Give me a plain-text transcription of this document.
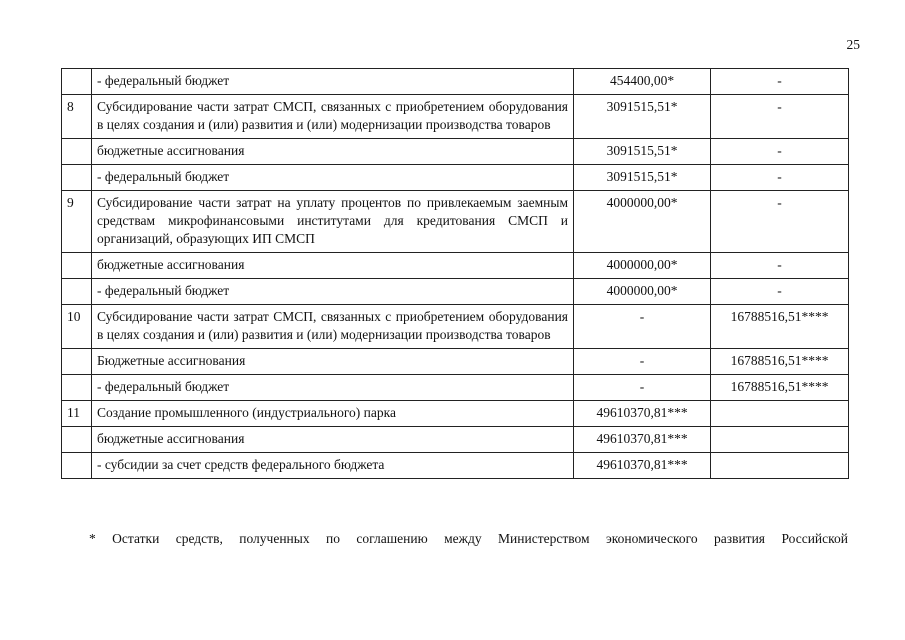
25
	- федеральный бюджет	454400,00*	-
8	Субсидирование части затрат СМСП, связанных с приобретением оборудования в целях создания и (или) развития и (или) модернизации производства товаров	3091515,51*	-
	бюджетные ассигнования	3091515,51*	-
	- федеральный бюджет	3091515,51*	-
9	Субсидирование части затрат на уплату процентов по привлекаемым заемным средствам микрофинансовыми институтами для кредитования СМСП и организаций, образующих ИП СМСП	4000000,00*	-
	бюджетные ассигнования	4000000,00*	-
	- федеральный бюджет	4000000,00*	-
10	Субсидирование части затрат СМСП, связанных с приобретением оборудования в целях создания и (или) развития и (или) модернизации производства товаров	-	16788516,51****
	Бюджетные ассигнования	-	16788516,51****
	- федеральный бюджет	-	16788516,51****
11	Создание промышленного (индустриального) парка	49610370,81***	
	бюджетные ассигнования	49610370,81***	
	- субсидии за счет средств федерального бюджета	49610370,81***	
* Остатки средств, полученных по соглашению между Министерством экономического развития Российской
